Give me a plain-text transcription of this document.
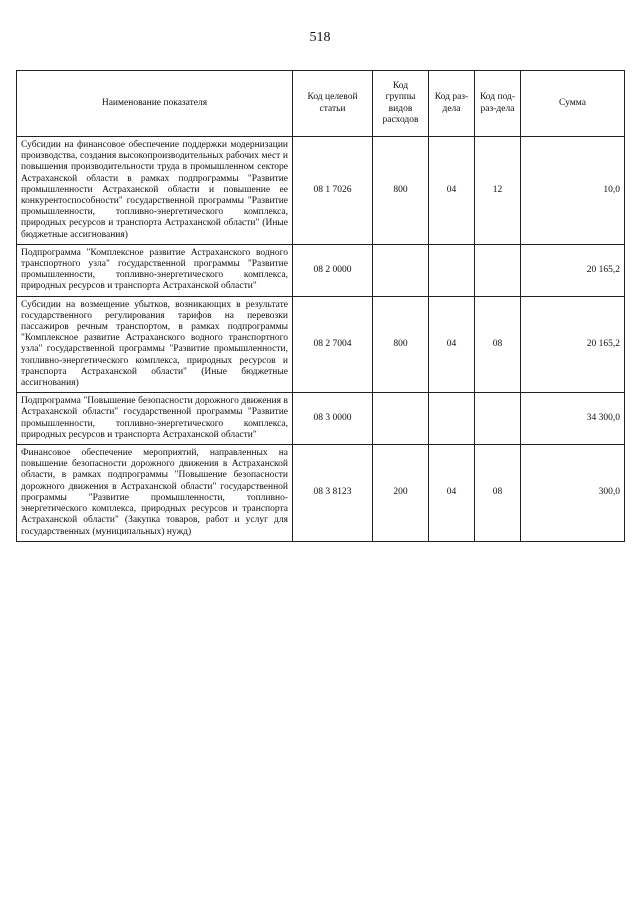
518
Наименование показателя	Код целевой статьи	Код группы видов расходов	Код раз-дела	Код под-раз-дела	Сумма
Субсидии на финансовое обеспечение поддержки модернизации производства, создания высокопроизводительных рабочих мест и повышения производительности труда в промышленном секторе Астраханской области в рамках подпрограммы "Развитие промышленности Астраханской области и повышение ее конкурентоспособности" государственной программы "Развитие промышленности, топливно-энергетического комплекса, природных ресурсов и транспорта Астраханской области" (Иные бюджетные ассигнования)	08 1 7026	800	04	12	10,0
Подпрограмма "Комплексное развитие Астраханского водного транспортного узла" государственной программы "Развитие промышленности, топливно-энергетического комплекса, природных ресурсов и транспорта Астраханской области"	08 2 0000				20 165,2
Субсидии на возмещение убытков, возникающих в результате государственного регулирования тарифов на перевозки пассажиров речным транспортом, в рамках подпрограммы "Комплексное развитие Астраханского водного транспортного узла" государственной программы "Развитие промышленности, топливно-энергетического комплекса, природных ресурсов и транспорта Астраханской области" (Иные бюджетные ассигнования)	08 2 7004	800	04	08	20 165,2
Подпрограмма "Повышение безопасности дорожного движения в Астраханской области" государственной программы "Развитие промышленности, топливно-энергетического комплекса, природных ресурсов и транспорта Астраханской области"	08 3 0000				34 300,0
Финансовое обеспечение мероприятий, направленных на повышение безопасности дорожного движения в Астраханской области, в рамках подпрограммы "Повышение безопасности дорожного движения в Астраханской области" государственной программы "Развитие промышленности, топливно-энергетического комплекса, природных ресурсов и транспорта Астраханской области" (Закупка товаров, работ и услуг для государственных (муниципальных) нужд)	08 3 8123	200	04	08	300,0
